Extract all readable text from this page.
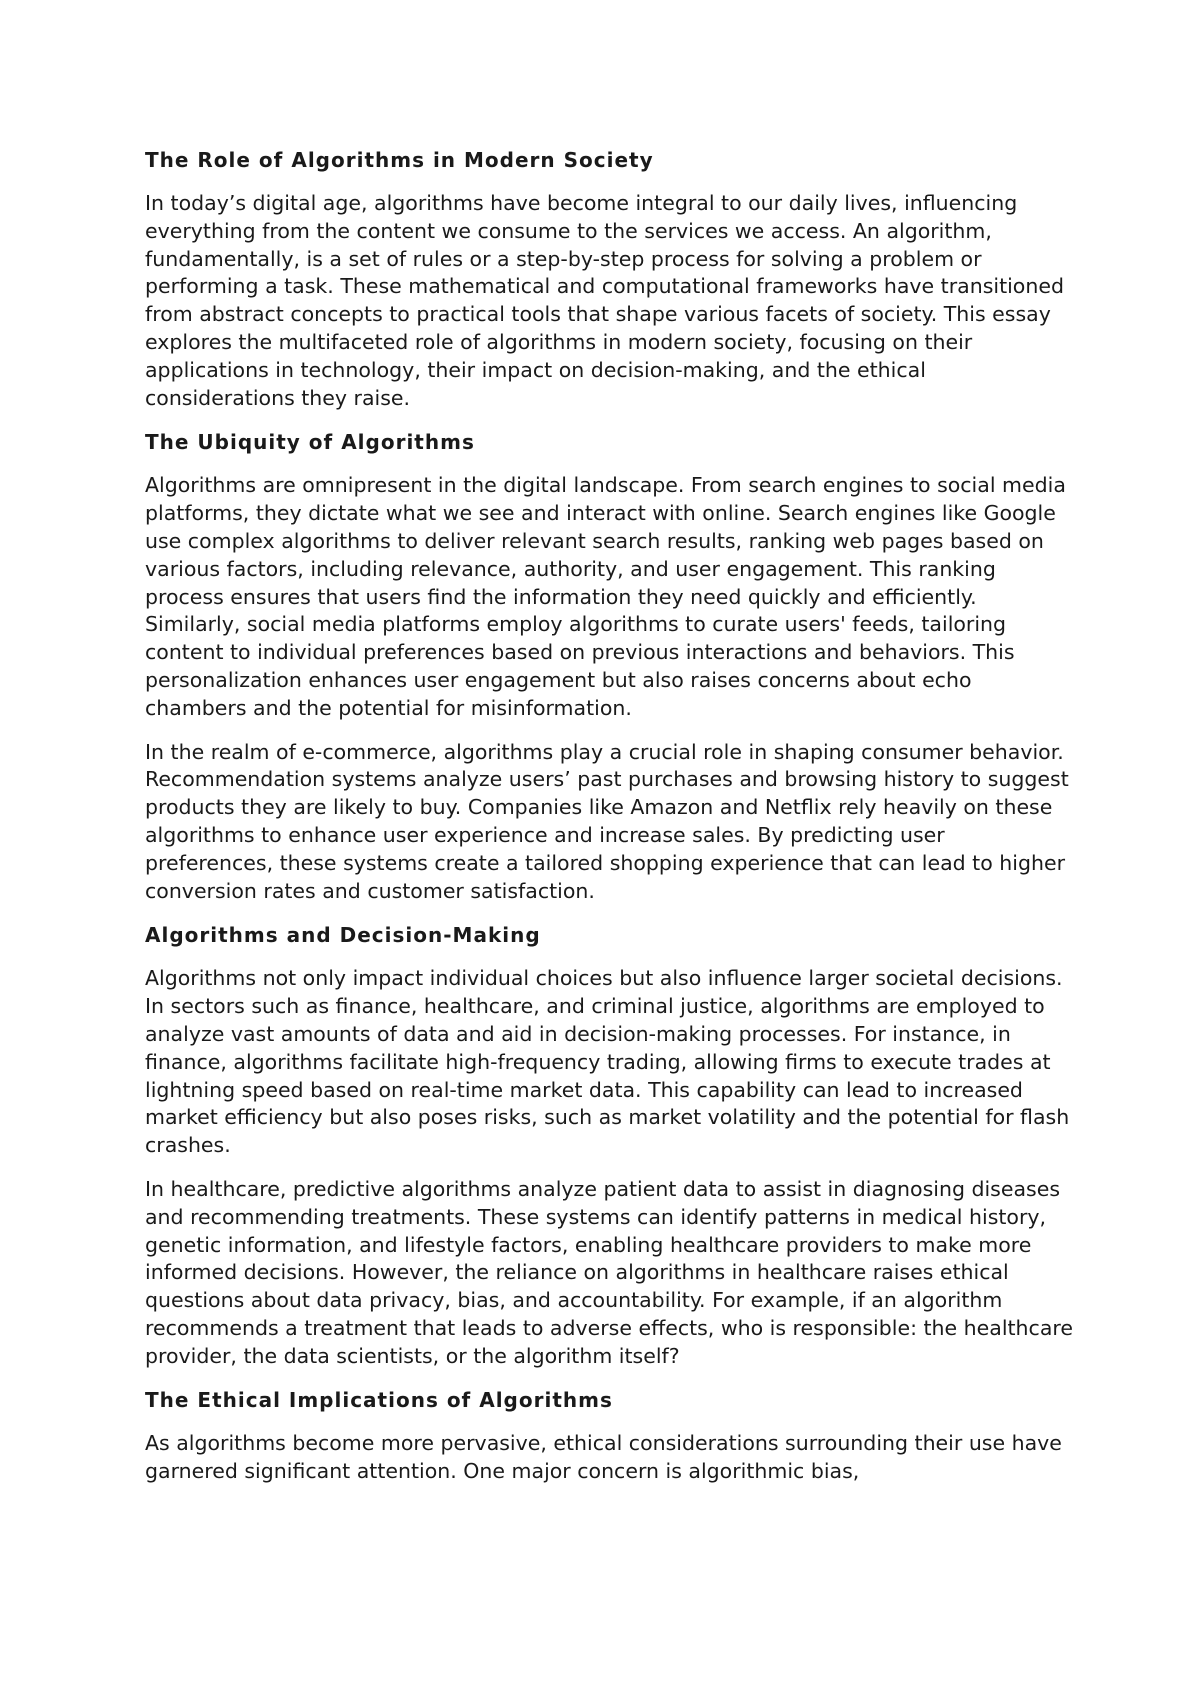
The Role of Algorithms in Modern Society

In today’s digital age, algorithms have become integral to our daily lives, influencing everything from the content we consume to the services we access. An algorithm, fundamentally, is a set of rules or a step-by-step process for solving a problem or performing a task. These mathematical and computational frameworks have transitioned from abstract concepts to practical tools that shape various facets of society. This essay explores the multifaceted role of algorithms in modern society, focusing on their applications in technology, their impact on decision-making, and the ethical considerations they raise.

The Ubiquity of Algorithms

Algorithms are omnipresent in the digital landscape. From search engines to social media platforms, they dictate what we see and interact with online. Search engines like Google use complex algorithms to deliver relevant search results, ranking web pages based on various factors, including relevance, authority, and user engagement. This ranking process ensures that users find the information they need quickly and efficiently. Similarly, social media platforms employ algorithms to curate users' feeds, tailoring content to individual preferences based on previous interactions and behaviors. This personalization enhances user engagement but also raises concerns about echo chambers and the potential for misinformation.

In the realm of e-commerce, algorithms play a crucial role in shaping consumer behavior. Recommendation systems analyze users’ past purchases and browsing history to suggest products they are likely to buy. Companies like Amazon and Netflix rely heavily on these algorithms to enhance user experience and increase sales. By predicting user preferences, these systems create a tailored shopping experience that can lead to higher conversion rates and customer satisfaction.

Algorithms and Decision-Making

Algorithms not only impact individual choices but also influence larger societal decisions. In sectors such as finance, healthcare, and criminal justice, algorithms are employed to analyze vast amounts of data and aid in decision-making processes. For instance, in finance, algorithms facilitate high-frequency trading, allowing firms to execute trades at lightning speed based on real-time market data. This capability can lead to increased market efficiency but also poses risks, such as market volatility and the potential for flash crashes.

In healthcare, predictive algorithms analyze patient data to assist in diagnosing diseases and recommending treatments. These systems can identify patterns in medical history, genetic information, and lifestyle factors, enabling healthcare providers to make more informed decisions. However, the reliance on algorithms in healthcare raises ethical questions about data privacy, bias, and accountability. For example, if an algorithm recommends a treatment that leads to adverse effects, who is responsible: the healthcare provider, the data scientists, or the algorithm itself?

The Ethical Implications of Algorithms

As algorithms become more pervasive, ethical considerations surrounding their use have garnered significant attention. One major concern is algorithmic bias,
